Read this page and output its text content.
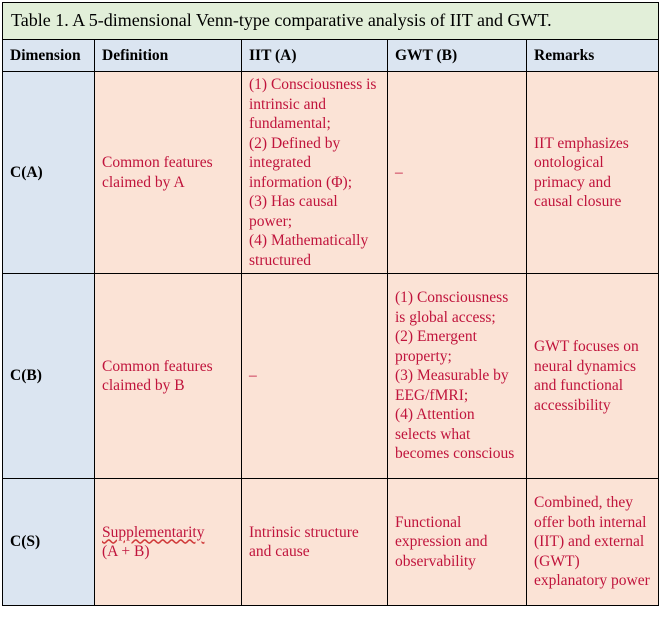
Table 1. A 5-dimensional Venn-type comparative analysis of IIT and GWT.				
Dimension	Definition	IIT (A)	GWT (B)	Remarks
C(A)	Common features claimed by A	(1) Consciousness is intrinsic and fundamental;
(2) Defined by integrated information (Φ);
(3) Has causal power;
(4) Mathematically structured	–	IIT emphasizes ontological primacy and causal closure
C(B)	Common features claimed by B	–	(1) Consciousness is global access;
(2) Emergent property;
(3) Measurable by EEG/fMRI;
(4) Attention selects what becomes conscious	GWT focuses on neural dynamics and functional accessibility
C(S)	Supplementarity
(A + B)	Intrinsic structure and cause	Functional expression and observability	Combined, they offer both internal (IIT) and external (GWT) explanatory power
